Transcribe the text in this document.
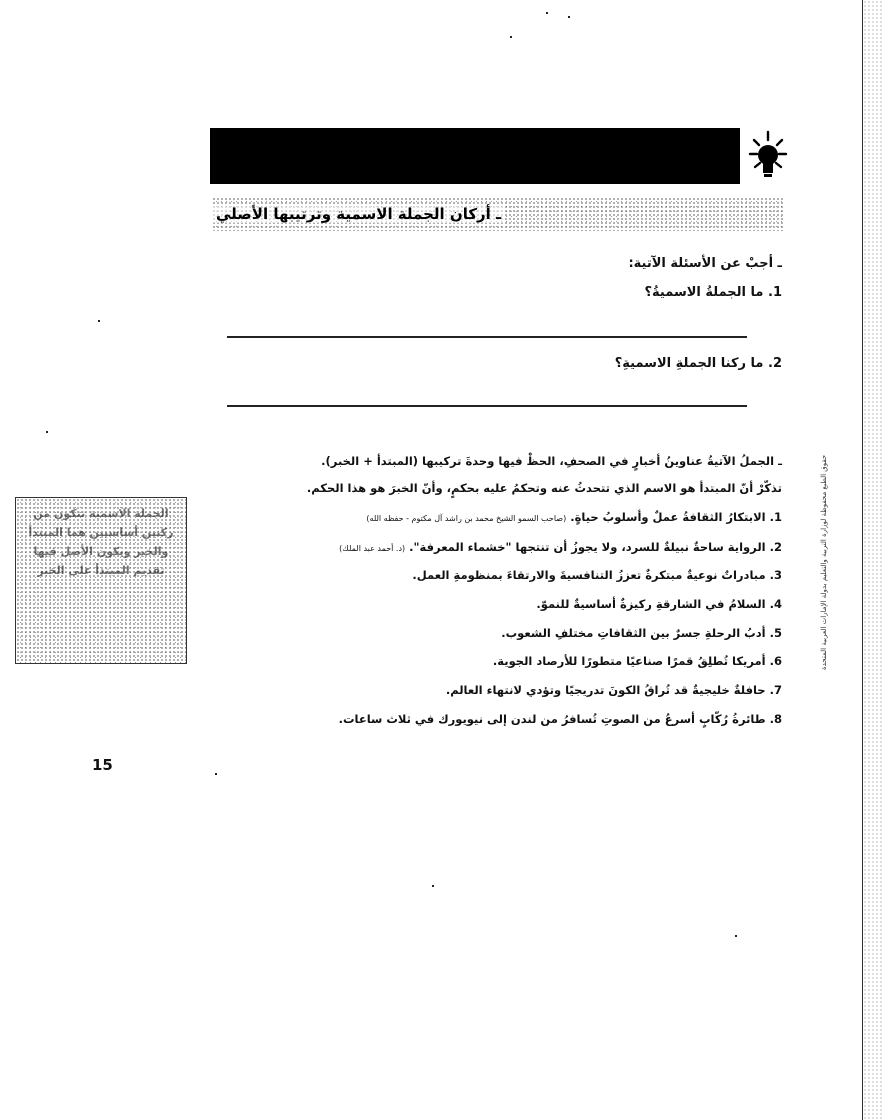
ـ أركان الجملة الاسمية وترتيبها الأصلي
ـ أجبْ عن الأسئلة الآتية:
1. ما الجملةُ الاسميةُ؟
2. ما ركنا الجملةِ الاسميةِ؟
ـ الجملُ الآتيةُ عناوينُ أخبارٍ في الصحفِ، الحظْ فيها وحدةَ تركيبها (المبتدأ + الخبر).
تذكّرْ أنّ المبتدأ هو الاسم الذي تتحدثُ عنه وتحكمُ عليه بحكمٍ، وأنّ الخبرَ هو هذا الحكم.
1. الابتكارُ الثقافةُ عملٌ وأسلوبُ حياةٍ. (صاحب السمو الشيخ محمد بن راشد آل مكتوم - حفظه الله)
2. الرواية ساحةٌ نبيلةٌ للسرد، ولا يجوزُ أن تنتجها "خشماء المعرفة". (د. أحمد عبد الملك)
3. مبادراتٌ نوعيةٌ مبتكرةٌ تعززُ التنافسيةَ والارتقاءَ بمنظومةِ العمل.
4. السلامُ في الشارقةِ ركيزةٌ أساسيةٌ للنموّ.
5. أدبُ الرحلةِ جسرٌ بين الثقافاتِ مختلفِ الشعوب.
6. أمريكا تُطلِقُ قمرًا صناعيًا متطورًا للأرصاد الجوية.
7. حافلةٌ خليجيةٌ قد تُراقُ الكونَ تدريجيًا وتؤدي لانتهاء العالم.
8. طائرةُ رُكّابٍ أسرعُ من الصوتِ تُسافرُ من لندن إلى نيويورك في ثلاث ساعات.
الجملة الاسمية تتكون من ركنين أساسيين هما المبتدأ والخبر ويكون الأصل فيها تقديم المبتدأ على الخبر
15
حقوق الطبع محفوظة لوزارة التربية والتعليم بدولة الإمارات العربية المتحدة
